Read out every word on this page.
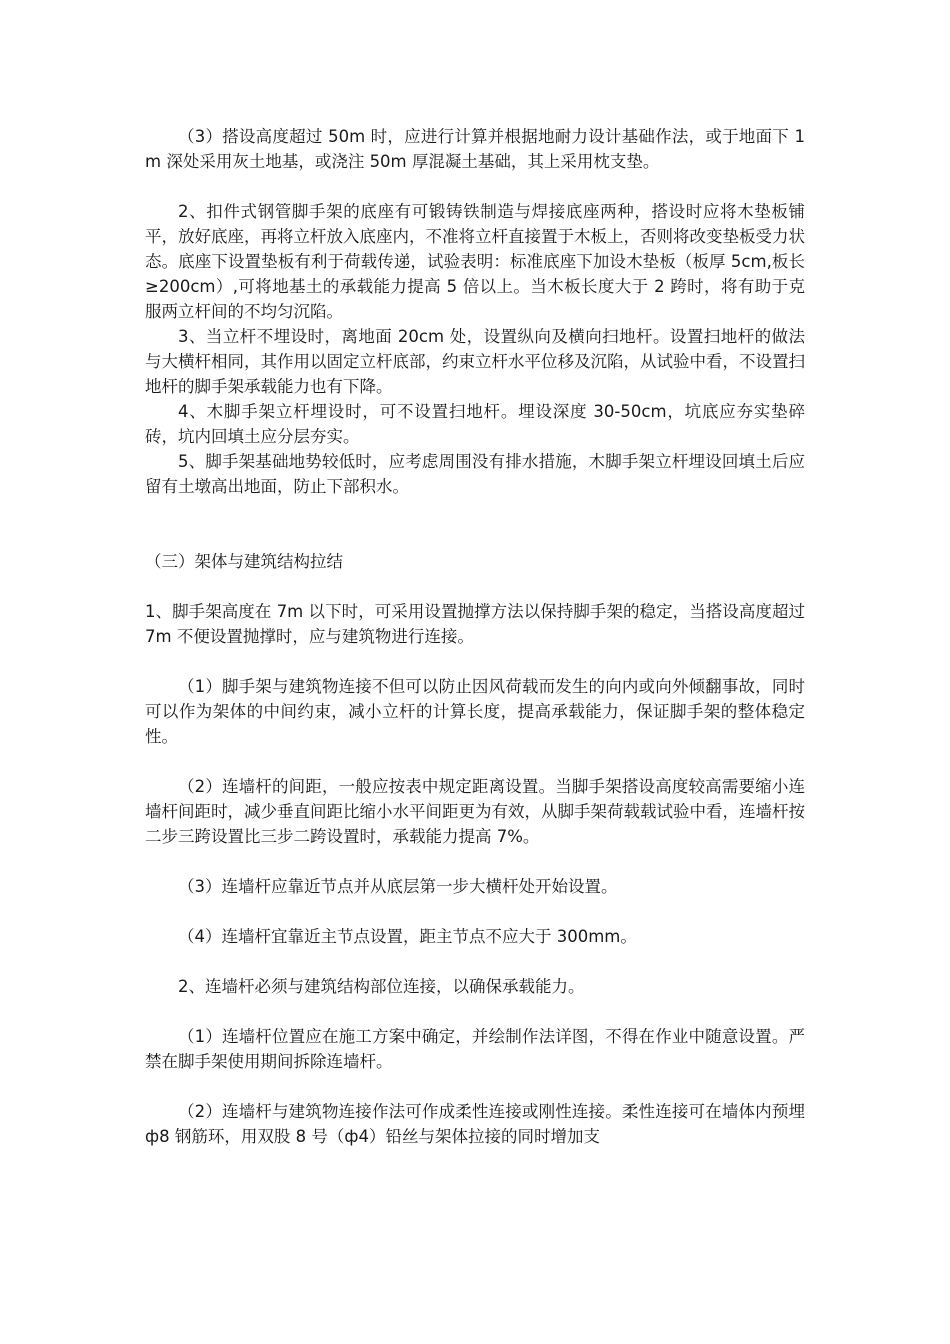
（3）搭设高度超过 50m 时，应进行计算并根据地耐力设计基础作法，或于地面下 1m 深处采用灰土地基，或浇注 50m 厚混凝土基础，其上采用枕支垫。

2、扣件式钢管脚手架的底座有可锻铸铁制造与焊接底座两种，搭设时应将木垫板铺平，放好底座，再将立杆放入底座内，不准将立杆直接置于木板上，否则将改变垫板受力状态。底座下设置垫板有利于荷载传递，试验表明：标准底座下加设木垫板（板厚 5cm,板长≥200cm）,可将地基土的承载能力提高 5 倍以上。当木板长度大于 2 跨时，将有助于克服两立杆间的不均匀沉陷。

3、当立杆不埋设时，离地面 20cm 处，设置纵向及横向扫地杆。设置扫地杆的做法与大横杆相同，其作用以固定立杆底部，约束立杆水平位移及沉陷，从试验中看，不设置扫地杆的脚手架承载能力也有下降。

4、木脚手架立杆埋设时，可不设置扫地杆。埋设深度 30-50cm，坑底应夯实垫碎砖，坑内回填土应分层夯实。

5、脚手架基础地势较低时，应考虑周围没有排水措施，木脚手架立杆埋设回填土后应留有土墩高出地面，防止下部积水。

（三）架体与建筑结构拉结

1、脚手架高度在 7m 以下时，可采用设置抛撑方法以保持脚手架的稳定，当搭设高度超过 7m 不便设置抛撑时，应与建筑物进行连接。

（1）脚手架与建筑物连接不但可以防止因风荷载而发生的向内或向外倾翻事故，同时可以作为架体的中间约束，减小立杆的计算长度，提高承载能力，保证脚手架的整体稳定性。

（2）连墙杆的间距，一般应按表中规定距离设置。当脚手架搭设高度较高需要缩小连墙杆间距时，减少垂直间距比缩小水平间距更为有效，从脚手架荷载载试验中看，连墙杆按二步三跨设置比三步二跨设置时，承载能力提高 7%。

（3）连墙杆应靠近节点并从底层第一步大横杆处开始设置。

（4）连墙杆宜靠近主节点设置，距主节点不应大于 300mm。

2、连墙杆必须与建筑结构部位连接，以确保承载能力。

（1）连墙杆位置应在施工方案中确定，并绘制作法详图，不得在作业中随意设置。严禁在脚手架使用期间拆除连墙杆。

（2）连墙杆与建筑物连接作法可作成柔性连接或刚性连接。柔性连接可在墙体内预埋 ф8 钢筋环，用双股 8 号（ф4）铅丝与架体拉接的同时增加支
